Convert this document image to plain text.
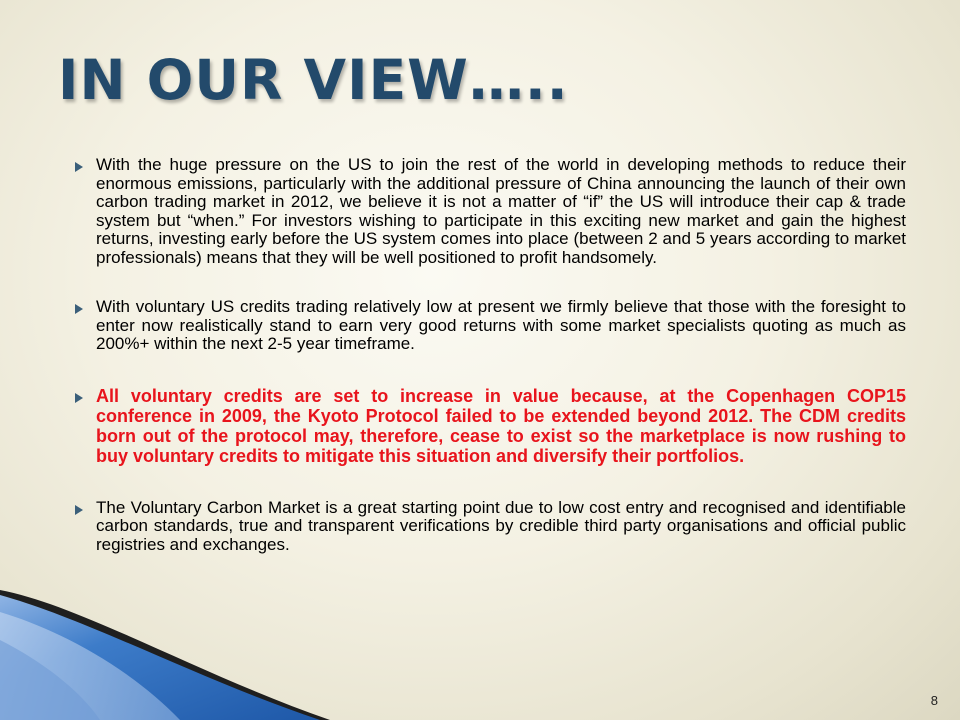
IN OUR VIEW…..

With the huge pressure on the US to join the rest of the world in developing methods to reduce their enormous emissions, particularly with the additional pressure of China announcing the launch of their own carbon trading market in 2012, we believe it is not a matter of “if” the US will introduce their cap & trade system but “when.” For investors wishing to participate in this exciting new market and gain the highest returns, investing early before the US system comes into place (between 2 and 5 years according to market professionals) means that they will be well positioned to profit handsomely.

With voluntary US credits trading relatively low at present we firmly believe that those with the foresight to enter now realistically stand to earn very good returns with some market specialists quoting as much as 200%+ within the next 2-5 year timeframe.

All voluntary credits are set to increase in value because, at the Copenhagen COP15 conference in 2009, the Kyoto Protocol failed to be extended beyond 2012. The CDM credits born out of the protocol may, therefore, cease to exist so the marketplace is now rushing to buy voluntary credits to mitigate this situation and diversify their portfolios.

The Voluntary Carbon Market is a great starting point due to low cost entry and recognised and identifiable carbon standards, true and transparent verifications by credible third party organisations and official public registries and exchanges.

8
